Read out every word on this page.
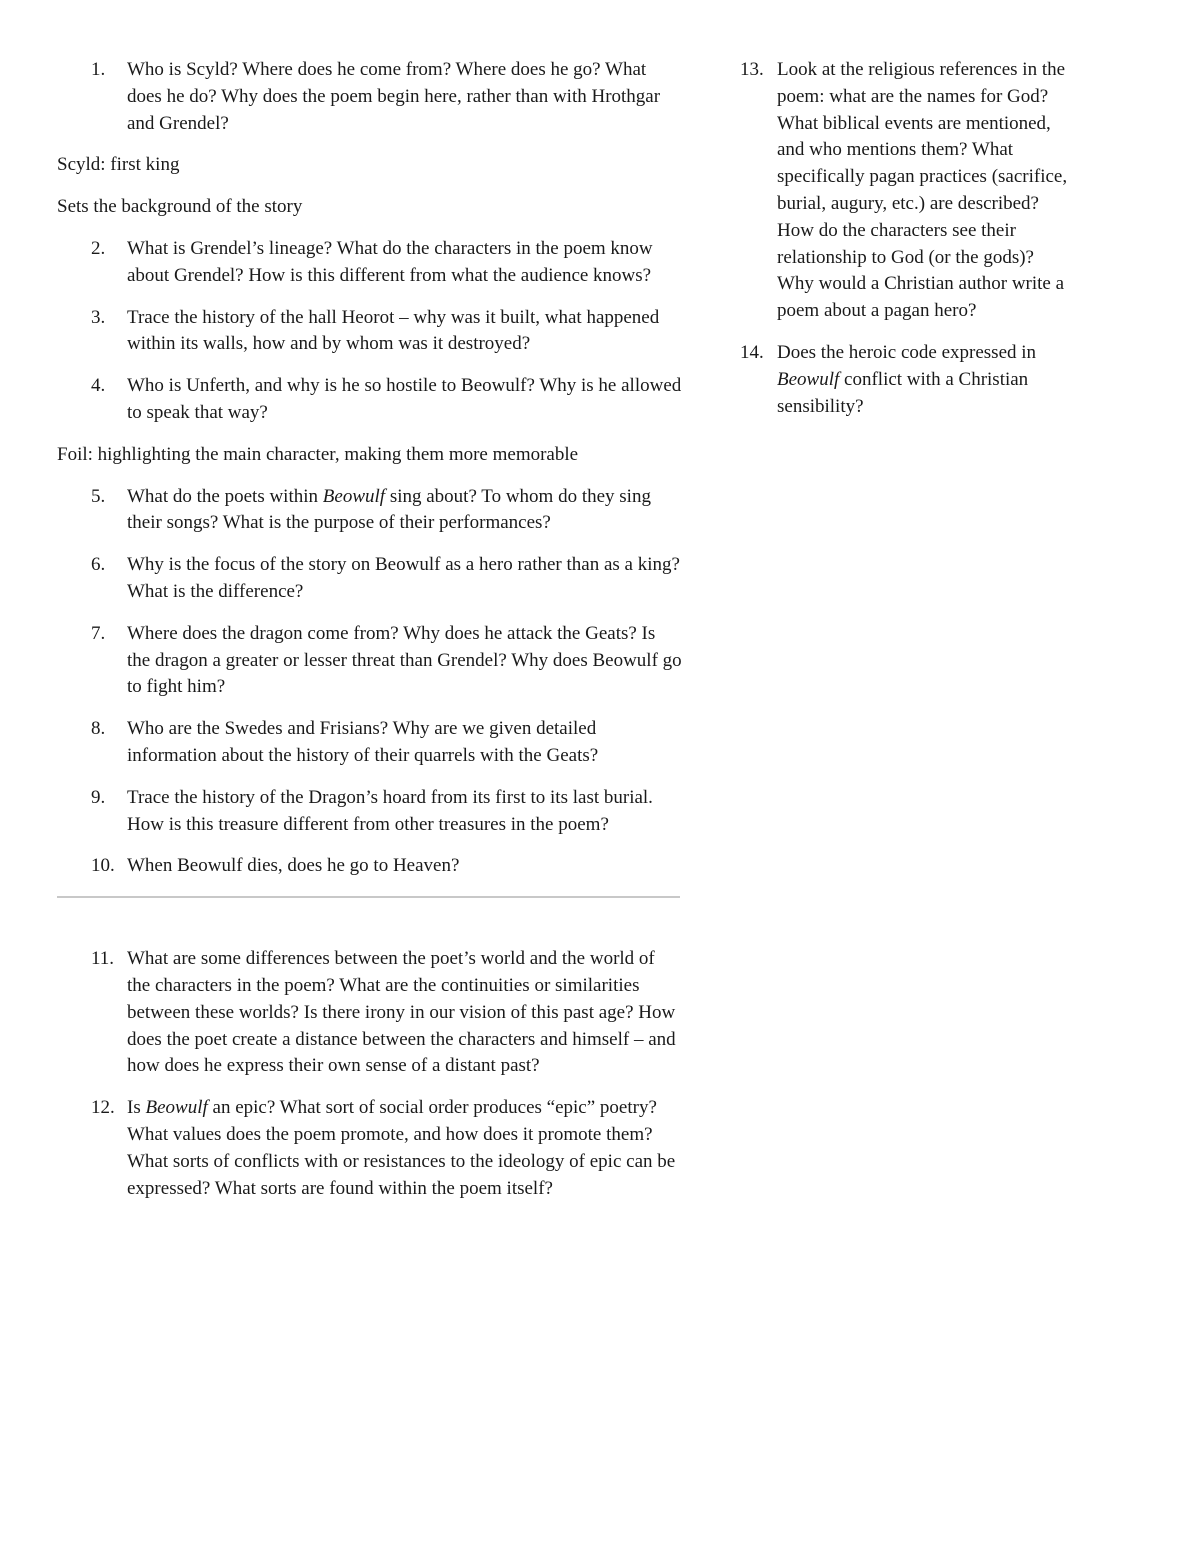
1. Who is Scyld? Where does he come from? Where does he go? What does he do? Why does the poem begin here, rather than with Hrothgar and Grendel?

Scyld: first king

Sets the background of the story

2. What is Grendel’s lineage? What do the characters in the poem know about Grendel? How is this different from what the audience knows?
3. Trace the history of the hall Heorot – why was it built, what happened within its walls, how and by whom was it destroyed?
4. Who is Unferth, and why is he so hostile to Beowulf? Why is he allowed to speak that way?

Foil: highlighting the main character, making them more memorable

5. What do the poets within Beowulf sing about? To whom do they sing their songs? What is the purpose of their performances?
6. Why is the focus of the story on Beowulf as a hero rather than as a king? What is the difference?
7. Where does the dragon come from? Why does he attack the Geats? Is the dragon a greater or lesser threat than Grendel? Why does Beowulf go to fight him?
8. Who are the Swedes and Frisians? Why are we given detailed information about the history of their quarrels with the Geats?
9. Trace the history of the Dragon’s hoard from its first to its last burial. How is this treasure different from other treasures in the poem?
10. When Beowulf dies, does he go to Heaven?
11. What are some differences between the poet’s world and the world of the characters in the poem? What are the continuities or similarities between these worlds? Is there irony in our vision of this past age? How does the poet create a distance between the characters and himself – and how does he express their own sense of a distant past?
12. Is Beowulf an epic? What sort of social order produces “epic” poetry? What values does the poem promote, and how does it promote them? What sorts of conflicts with or resistances to the ideology of epic can be expressed? What sorts are found within the poem itself?
13. Look at the religious references in the poem: what are the names for God? What biblical events are mentioned, and who mentions them? What specifically pagan practices (sacrifice, burial, augury, etc.) are described? How do the characters see their relationship to God (or the gods)? Why would a Christian author write a poem about a pagan hero?
14. Does the heroic code expressed in Beowulf conflict with a Christian sensibility?
